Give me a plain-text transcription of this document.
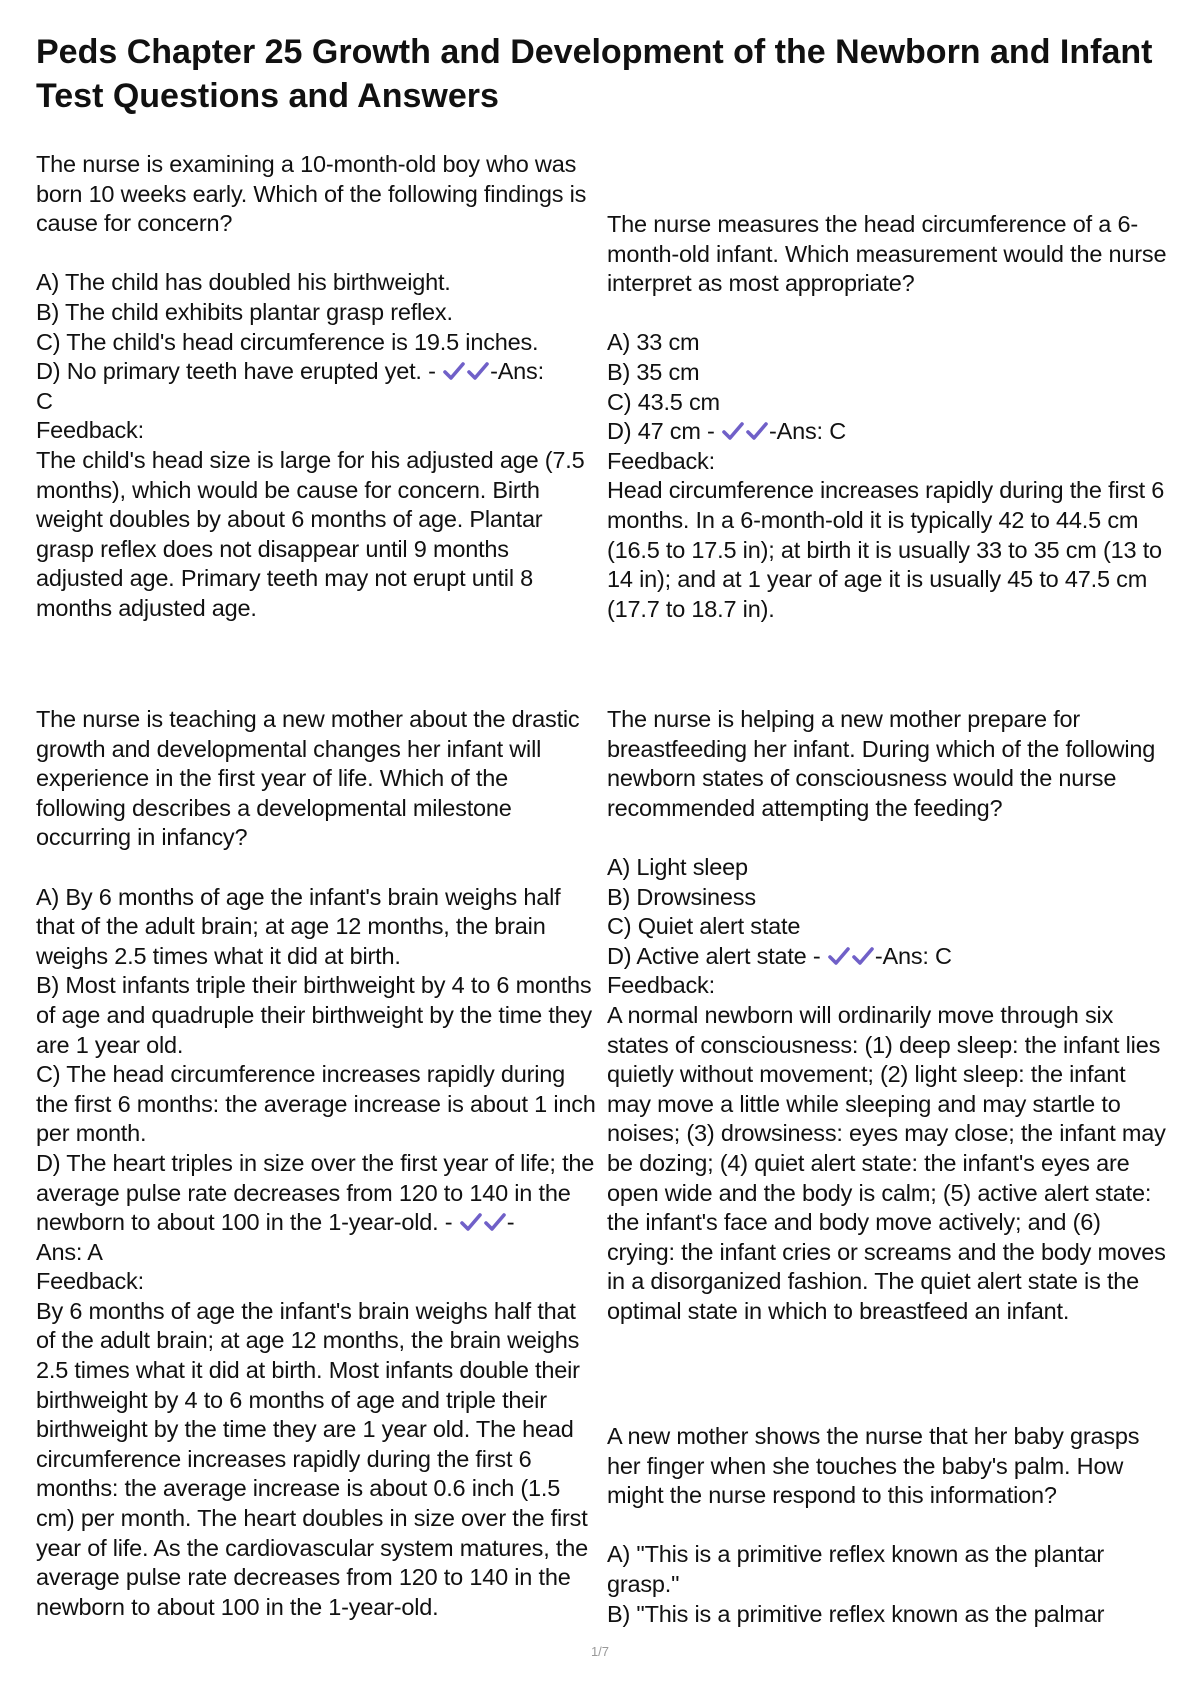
Peds Chapter 25 Growth and Development of the Newborn and Infant Test Questions and Answers

The nurse is examining a 10-month-old boy who was born 10 weeks early. Which of the following findings is cause for concern?

A) The child has doubled his birthweight.

B) The child exhibits plantar grasp reflex.

C) The child's head circumference is 19.5 inches.

D) No primary teeth have erupted yet. - -Ans:

C

Feedback:

The child's head size is large for his adjusted age (7.5 months), which would be cause for concern. Birth weight doubles by about 6 months of age. Plantar grasp reflex does not disappear until 9 months adjusted age. Primary teeth may not erupt until 8 months adjusted age.

The nurse measures the head circumference of a 6-month-old infant. Which measurement would the nurse interpret as most appropriate?

A) 33 cm

B) 35 cm

C) 43.5 cm

D) 47 cm - -Ans: C

Feedback:

Head circumference increases rapidly during the first 6 months. In a 6-month-old it is typically 42 to 44.5 cm (16.5 to 17.5 in); at birth it is usually 33 to 35 cm (13 to 14 in); and at 1 year of age it is usually 45 to 47.5 cm (17.7 to 18.7 in).

The nurse is teaching a new mother about the drastic growth and developmental changes her infant will experience in the first year of life. Which of the following describes a developmental milestone occurring in infancy?

A) By 6 months of age the infant's brain weighs half that of the adult brain; at age 12 months, the brain weighs 2.5 times what it did at birth.

B) Most infants triple their birthweight by 4 to 6 months of age and quadruple their birthweight by the time they are 1 year old.

C) The head circumference increases rapidly during the first 6 months: the average increase is about 1 inch per month.

D) The heart triples in size over the first year of life; the average pulse rate decreases from 120 to 140 in the newborn to about 100 in the 1-year-old. - -

Ans: A

Feedback:

By 6 months of age the infant's brain weighs half that of the adult brain; at age 12 months, the brain weighs 2.5 times what it did at birth. Most infants double their birthweight by 4 to 6 months of age and triple their birthweight by the time they are 1 year old. The head circumference increases rapidly during the first 6 months: the average increase is about 0.6 inch (1.5 cm) per month. The heart doubles in size over the first year of life. As the cardiovascular system matures, the average pulse rate decreases from 120 to 140 in the newborn to about 100 in the 1-year-old.

The nurse is helping a new mother prepare for breastfeeding her infant. During which of the following newborn states of consciousness would the nurse recommended attempting the feeding?

A) Light sleep

B) Drowsiness

C) Quiet alert state

D) Active alert state - -Ans: C

Feedback:

A normal newborn will ordinarily move through six states of consciousness: (1) deep sleep: the infant lies quietly without movement; (2) light sleep: the infant may move a little while sleeping and may startle to noises; (3) drowsiness: eyes may close; the infant may be dozing; (4) quiet alert state: the infant's eyes are open wide and the body is calm; (5) active alert state: the infant's face and body move actively; and (6) crying: the infant cries or screams and the body moves in a disorganized fashion. The quiet alert state is the optimal state in which to breastfeed an infant.

A new mother shows the nurse that her baby grasps her finger when she touches the baby's palm. How might the nurse respond to this information?

A) "This is a primitive reflex known as the plantar grasp."

B) "This is a primitive reflex known as the palmar

1/7
